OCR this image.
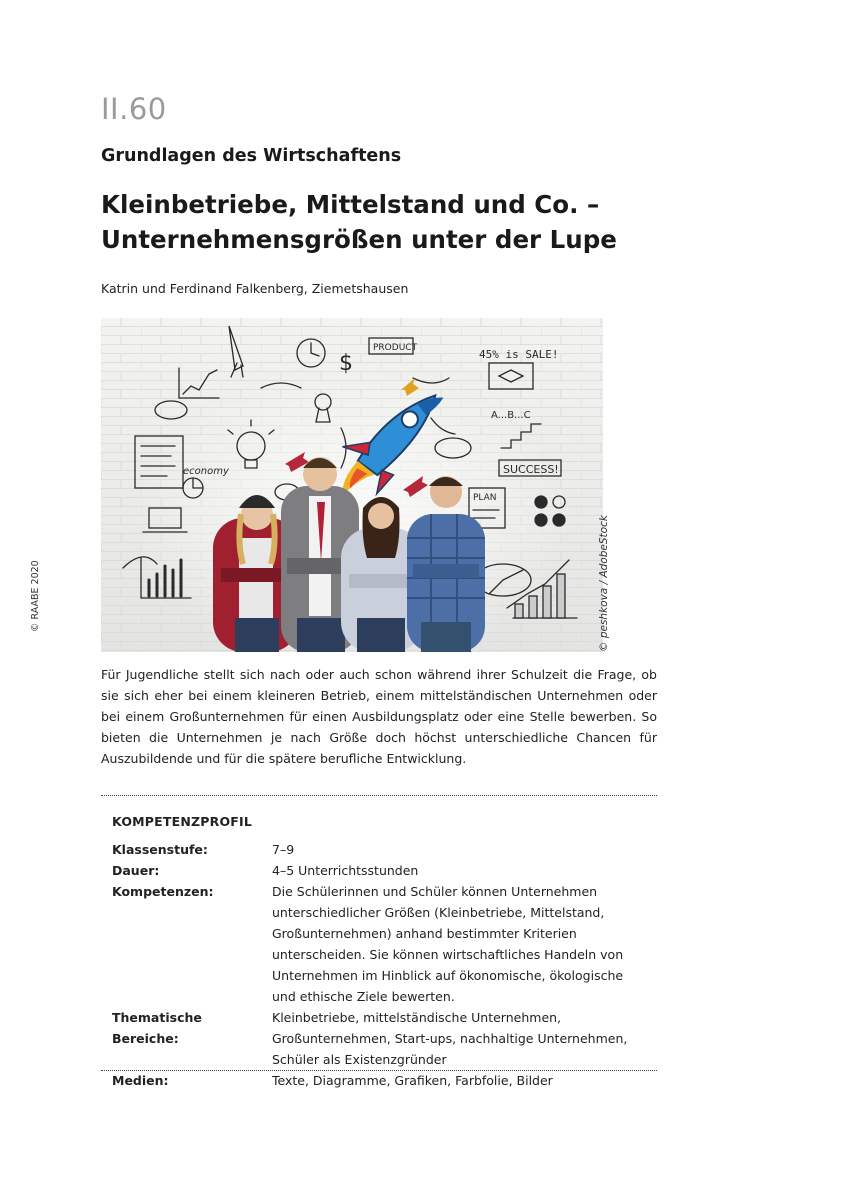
II.60
Grundlagen des Wirtschaftens
Kleinbetriebe, Mittelstand und Co. –
Unternehmensgrößen unter der Lupe
Katrin und Ferdinand Falkenberg, Ziemetshausen
$
PRODUCT	45% is SALE!
A...B...C
SUCCESS!
economy
PLAN
© peshkova / AdobeStock
© RAABE 2020
Für Jugendliche stellt sich nach oder auch schon während ihrer Schulzeit die Frage, ob sie sich eher bei einem kleineren Betrieb, einem mittelständischen Unternehmen oder bei einem Großunternehmen für einen Ausbildungsplatz oder eine Stelle bewerben. So bieten die Unternehmen je nach Größe doch höchst unterschiedliche Chancen für Auszubildende und für die spätere berufliche Entwicklung.
KOMPETENZPROFIL
Klassenstufe:	7–9
Dauer:	4–5 Unterrichtsstunden
Kompetenzen:	Die Schülerinnen und Schüler können Unternehmen unterschiedlicher Größen (Kleinbetriebe, Mittelstand, Großunternehmen) anhand bestimmter Kriterien unterscheiden. Sie können wirtschaftliches Handeln von Unternehmen im Hinblick auf ökonomische, ökologische und ethische Ziele bewerten.
Thematische Bereiche:
Kleinbetriebe, mittelständische Unternehmen, Großunternehmen, Start-ups, nachhaltige Unternehmen, Schüler als Existenzgründer
Medien:	Texte, Diagramme, Grafiken, Farbfolie, Bilder
